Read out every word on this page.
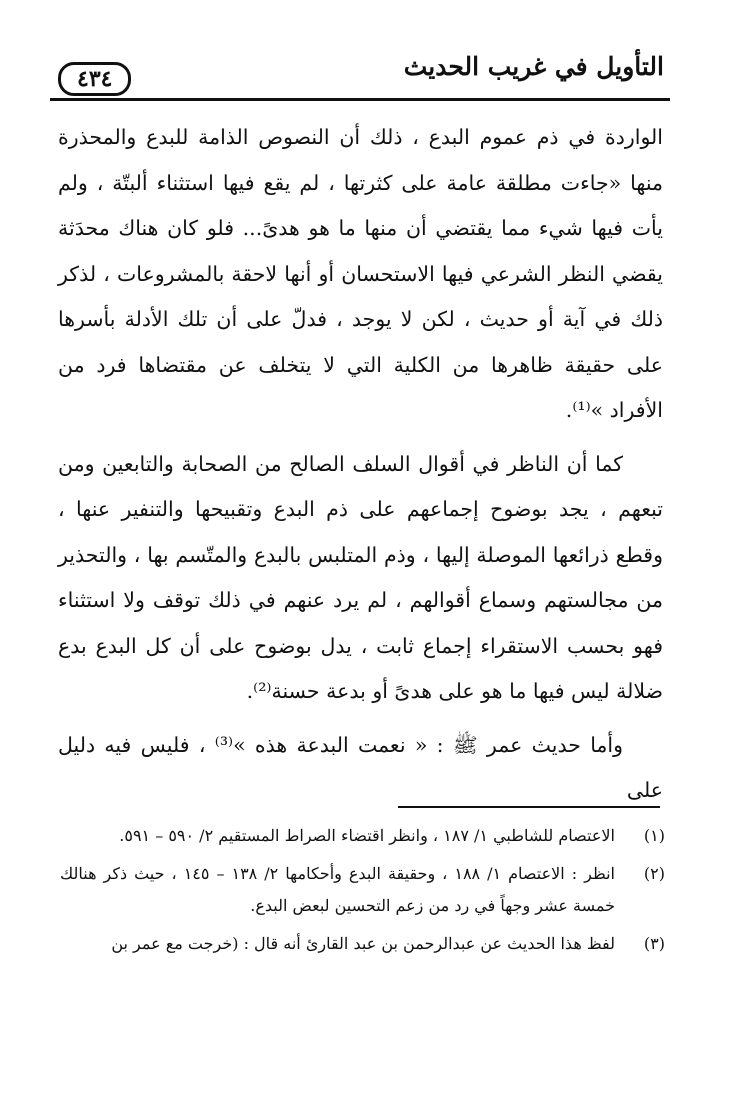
التأويل في غريب الحديث
٤٣٤

الواردة في ذم عموم البدع ، ذلك أن النصوص الذامة للبدع والمحذرة منها «جاءت مطلقة عامة على كثرتها ، لم يقع فيها استثناء ألبتّة ، ولم يأت فيها شيء مما يقتضي أن منها ما هو هدىً... فلو كان هناك محدَثة يقضي النظر الشرعي فيها الاستحسان أو أنها لاحقة بالمشروعات ، لذكر ذلك في آية أو حديث ، لكن لا يوجد ، فدلّ على أن تلك الأدلة بأسرها على حقيقة ظاهرها من الكلية التي لا يتخلف عن مقتضاها فرد من الأفراد »⁽¹⁾.

كما أن الناظر في أقوال السلف الصالح من الصحابة والتابعين ومن تبعهم ، يجد بوضوح إجماعهم على ذم البدع وتقبيحها والتنفير عنها ، وقطع ذرائعها الموصلة إليها ، وذم المتلبس بالبدع والمتّسم بها ، والتحذير من مجالستهم وسماع أقوالهم ، لم يرد عنهم في ذلك توقف ولا استثناء فهو بحسب الاستقراء إجماع ثابت ، يدل بوضوح على أن كل البدع بدع ضلالة ليس فيها ما هو على هدىً أو بدعة حسنة⁽²⁾.

وأما حديث عمر ﷺ : « نعمت البدعة هذه »⁽³⁾ ، فليس فيه دليل على

(١)
الاعتصام للشاطبي ١/ ١٨٧ ، وانظر اقتضاء الصراط المستقيم ٢/ ٥٩٠ – ٥٩١.
(٢)
انظر : الاعتصام ١/ ١٨٨ ، وحقيقة البدع وأحكامها ٢/ ١٣٨ – ١٤٥ ، حيث ذكر هنالك خمسة عشر وجهاً في رد من زعم التحسين لبعض البدع.
(٣)
لفظ هذا الحديث عن عبدالرحمن بن عبد القارئ أنه قال : (خرجت مع عمر بن
